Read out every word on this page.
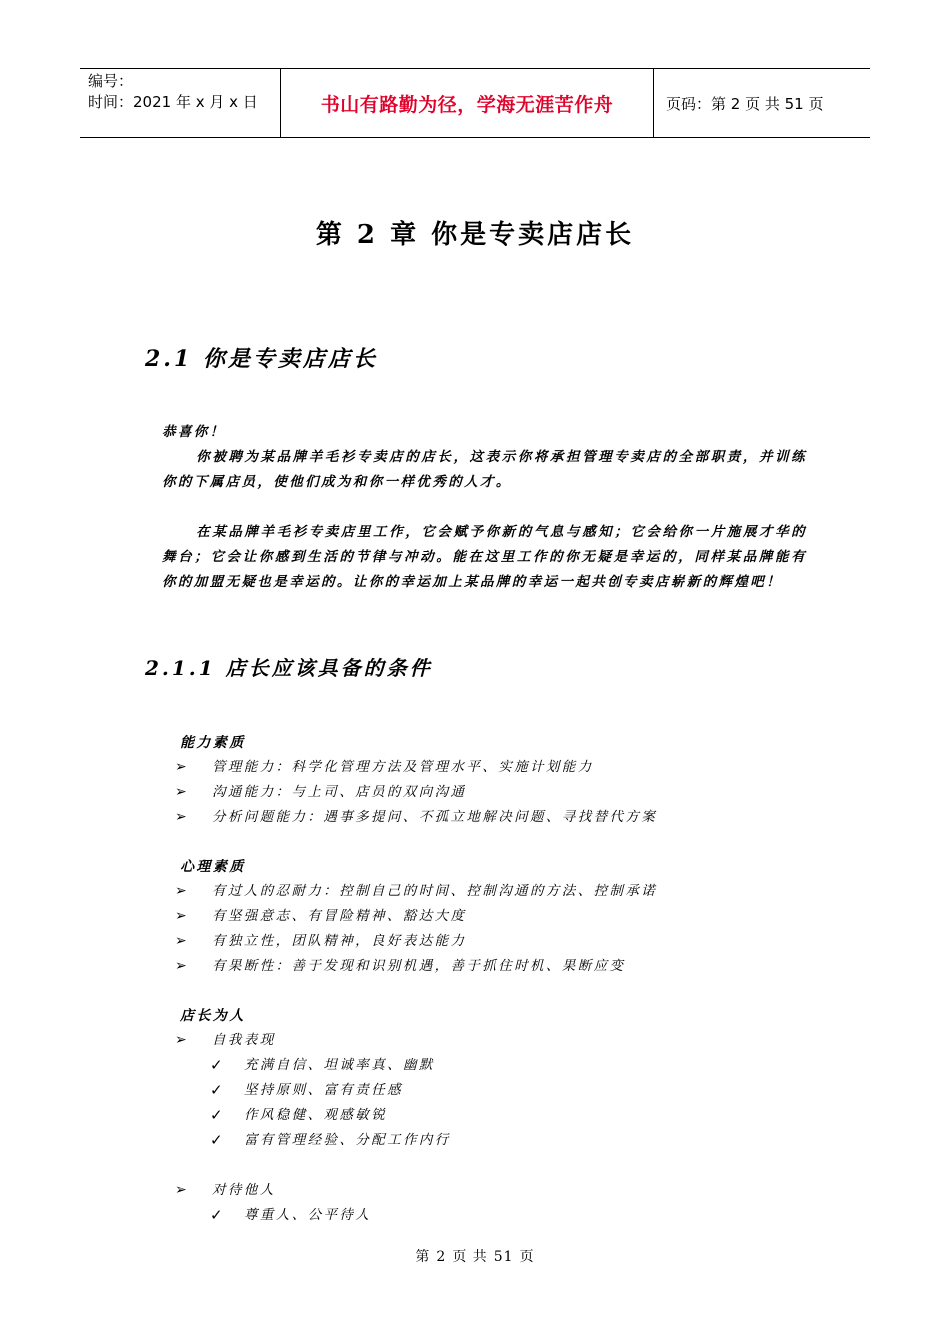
编号：
时间：2021 年 x 月 x 日	书山有路勤为径，学海无涯苦作舟	页码：第 2 页 共 51 页
第 2 章 你是专卖店店长
2.1 你是专卖店店长
恭喜你！
你被聘为某品牌羊毛衫专卖店的店长，这表示你将承担管理专卖店的全部职责，并训练你的下属店员，使他们成为和你一样优秀的人才。
在某品牌羊毛衫专卖店里工作，它会赋予你新的气息与感知；它会给你一片施展才华的舞台；它会让你感到生活的节律与冲动。能在这里工作的你无疑是幸运的，同样某品牌能有你的加盟无疑也是幸运的。让你的幸运加上某品牌的幸运一起共创专卖店崭新的辉煌吧！
2.1.1 店长应该具备的条件
能力素质
➢	管理能力：科学化管理方法及管理水平、实施计划能力
➢	沟通能力：与上司、店员的双向沟通
➢	分析问题能力：遇事多提问、不孤立地解决问题、寻找替代方案
心理素质
➢	有过人的忍耐力：控制自己的时间、控制沟通的方法、控制承诺
➢	有坚强意志、有冒险精神、豁达大度
➢	有独立性，团队精神，良好表达能力
➢	有果断性：善于发现和识别机遇，善于抓住时机、果断应变
店长为人
➢	自我表现
✓	充满自信、坦诚率真、幽默
✓	坚持原则、富有责任感
✓	作风稳健、观感敏锐
✓	富有管理经验、分配工作内行
➢	对待他人
✓	尊重人、公平待人
第 2 页 共 51 页
